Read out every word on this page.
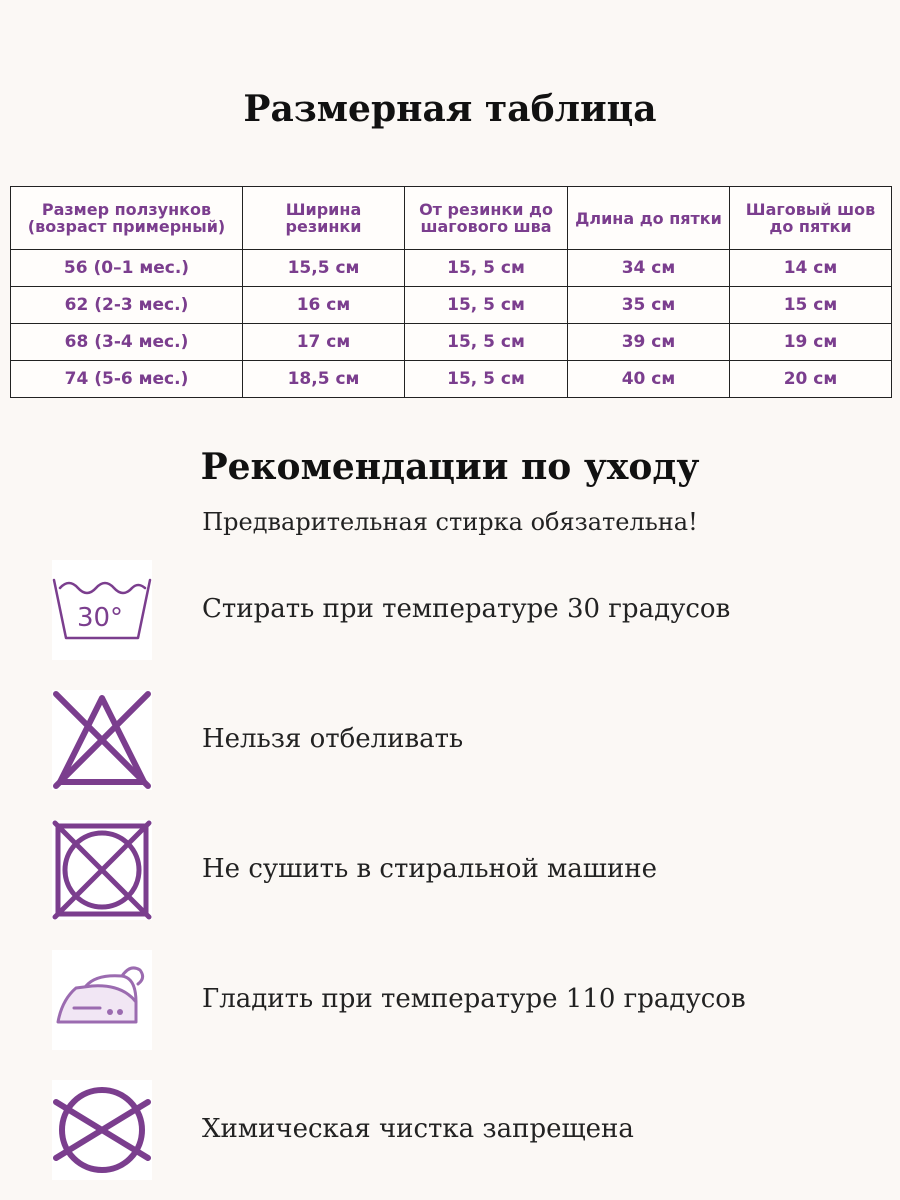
Размерная таблица
Размер ползунков (возраст примерный)	Ширина резинки	От резинки до шагового шва	Длина до пятки	Шаговый шов до пятки
56 (0–1 мес.)	15,5 см	15, 5 см	34 см	14 см
62 (2-3 мес.)	16 см	15, 5 см	35 см	15 см
68 (3-4 мес.)	17 см	15, 5 см	39 см	19 см
74 (5-6 мес.)	18,5 см	15, 5 см	40 см	20 см
Рекомендации по уходу
Предварительная стирка обязательна!
30°	Стирать при температуре 30 градусов
Нельзя отбеливать
Не сушить в стиральной машине
Гладить при температуре 110 градусов
Химическая чистка запрещена
